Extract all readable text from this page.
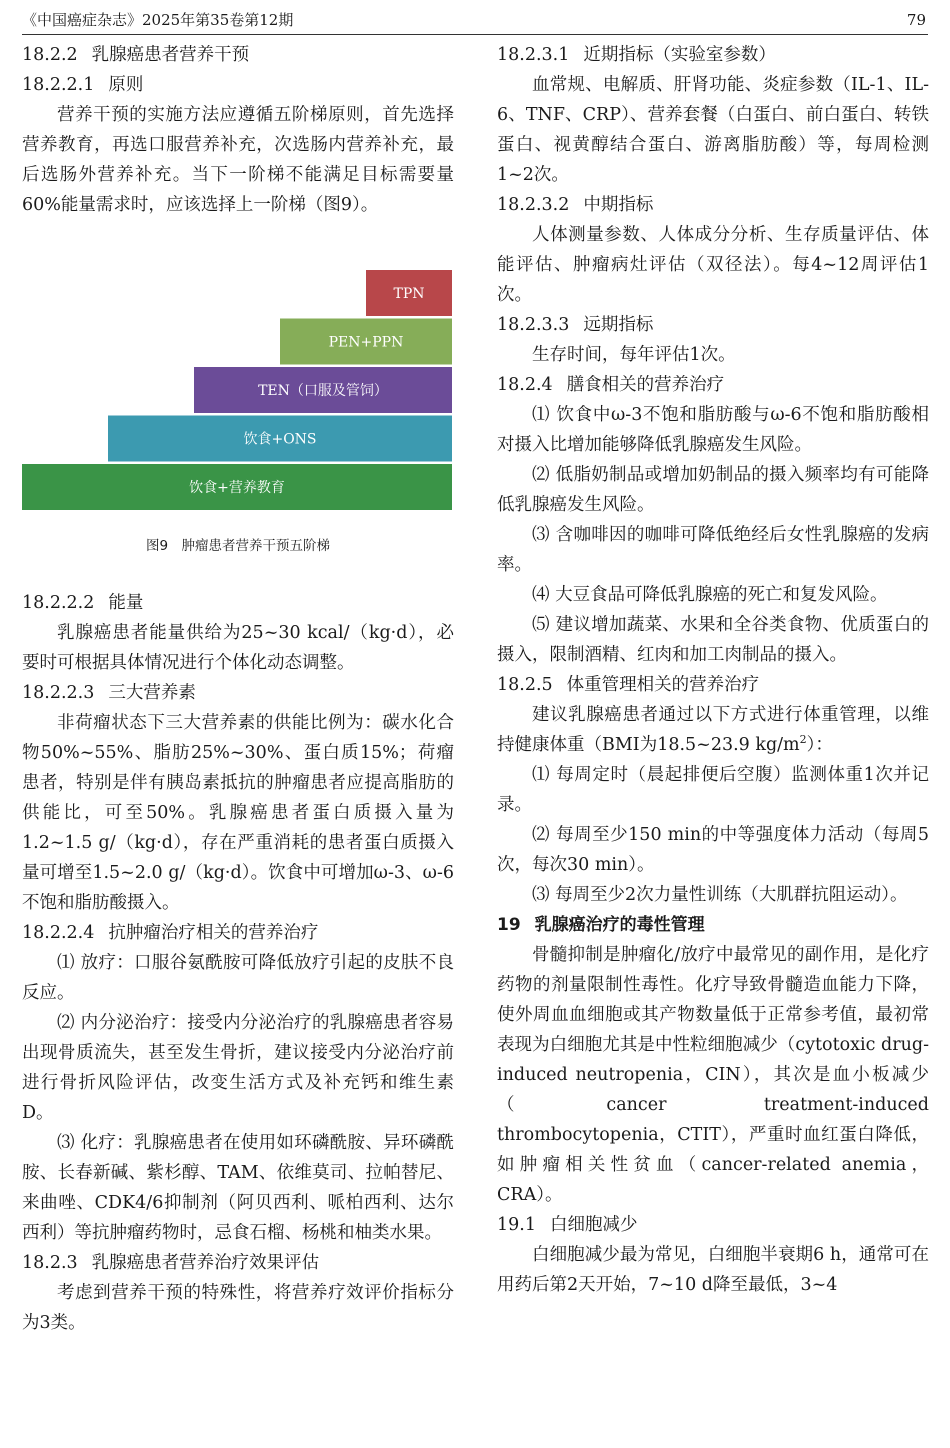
《中国癌症杂志》2025年第35卷第12期	79

18.2.2 乳腺癌患者营养干预

18.2.2.1 原则

营养干预的实施方法应遵循五阶梯原则，首先选择营养教育，再选口服营养补充，次选肠内营养补充，最后选肠外营养补充。当下一阶梯不能满足目标需要量60%能量需求时，应该选择上一阶梯（图9）。

饮食+营养教育
饮食+ONS
TEN（口服及管饲）
PEN+PPN
TPN
图9　肿瘤患者营养干预五阶梯

18.2.2.2 能量

乳腺癌患者能量供给为25~30 kcal/（kg·d），必要时可根据具体情况进行个体化动态调整。

18.2.2.3 三大营养素

非荷瘤状态下三大营养素的供能比例为：碳水化合物50%~55%、脂肪25%~30%、蛋白质15%；荷瘤患者，特别是伴有胰岛素抵抗的肿瘤患者应提高脂肪的供能比，可至50%。乳腺癌患者蛋白质摄入量为1.2~1.5 g/（kg·d），存在严重消耗的患者蛋白质摄入量可增至1.5~2.0 g/（kg·d）。饮食中可增加ω-3、ω-6不饱和脂肪酸摄入。

18.2.2.4 抗肿瘤治疗相关的营养治疗

⑴ 放疗：口服谷氨酰胺可降低放疗引起的皮肤不良反应。

⑵ 内分泌治疗：接受内分泌治疗的乳腺癌患者容易出现骨质流失，甚至发生骨折，建议接受内分泌治疗前进行骨折风险评估，改变生活方式及补充钙和维生素D。

⑶ 化疗：乳腺癌患者在使用如环磷酰胺、异环磷酰胺、长春新碱、紫杉醇、TAM、依维莫司、拉帕替尼、来曲唑、CDK4/6抑制剂（阿贝西利、哌柏西利、达尔西利）等抗肿瘤药物时，忌食石榴、杨桃和柚类水果。

18.2.3 乳腺癌患者营养治疗效果评估

考虑到营养干预的特殊性，将营养疗效评价指标分为3类。

18.2.3.1 近期指标（实验室参数）

血常规、电解质、肝肾功能、炎症参数（IL-1、IL-6、TNF、CRP）、营养套餐（白蛋白、前白蛋白、转铁蛋白、视黄醇结合蛋白、游离脂肪酸）等，每周检测1~2次。

18.2.3.2 中期指标

人体测量参数、人体成分分析、生存质量评估、体能评估、肿瘤病灶评估（双径法）。每4~12周评估1次。

18.2.3.3 远期指标

生存时间，每年评估1次。

18.2.4 膳食相关的营养治疗

⑴ 饮食中ω-3不饱和脂肪酸与ω-6不饱和脂肪酸相对摄入比增加能够降低乳腺癌发生风险。

⑵ 低脂奶制品或增加奶制品的摄入频率均有可能降低乳腺癌发生风险。

⑶ 含咖啡因的咖啡可降低绝经后女性乳腺癌的发病率。

⑷ 大豆食品可降低乳腺癌的死亡和复发风险。

⑸ 建议增加蔬菜、水果和全谷类食物、优质蛋白的摄入，限制酒精、红肉和加工肉制品的摄入。

18.2.5 体重管理相关的营养治疗

建议乳腺癌患者通过以下方式进行体重管理，以维持健康体重（BMI为18.5~23.9 $kg/m^2$）：

⑴ 每周定时（晨起排便后空腹）监测体重1次并记录。

⑵ 每周至少150 min的中等强度体力活动（每周5次，每次30 min）。

⑶ 每周至少2次力量性训练（大肌群抗阻运动）。

19 乳腺癌治疗的毒性管理

骨髓抑制是肿瘤化/放疗中最常见的副作用，是化疗药物的剂量限制性毒性。化疗导致骨髓造血能力下降，使外周血血细胞或其产物数量低于正常参考值，最初常表现为白细胞尤其是中性粒细胞减少（cytotoxic drug-induced neutropenia，CIN），其次是血小板减少（cancer treatment-induced thrombocytopenia，CTIT），严重时血红蛋白降低，如肿瘤相关性贫血（cancer-related anemia，CRA）。

19.1 白细胞减少

白细胞减少最为常见，白细胞半衰期6 h，通常可在用药后第2天开始，7~10 d降至最低，3~4
